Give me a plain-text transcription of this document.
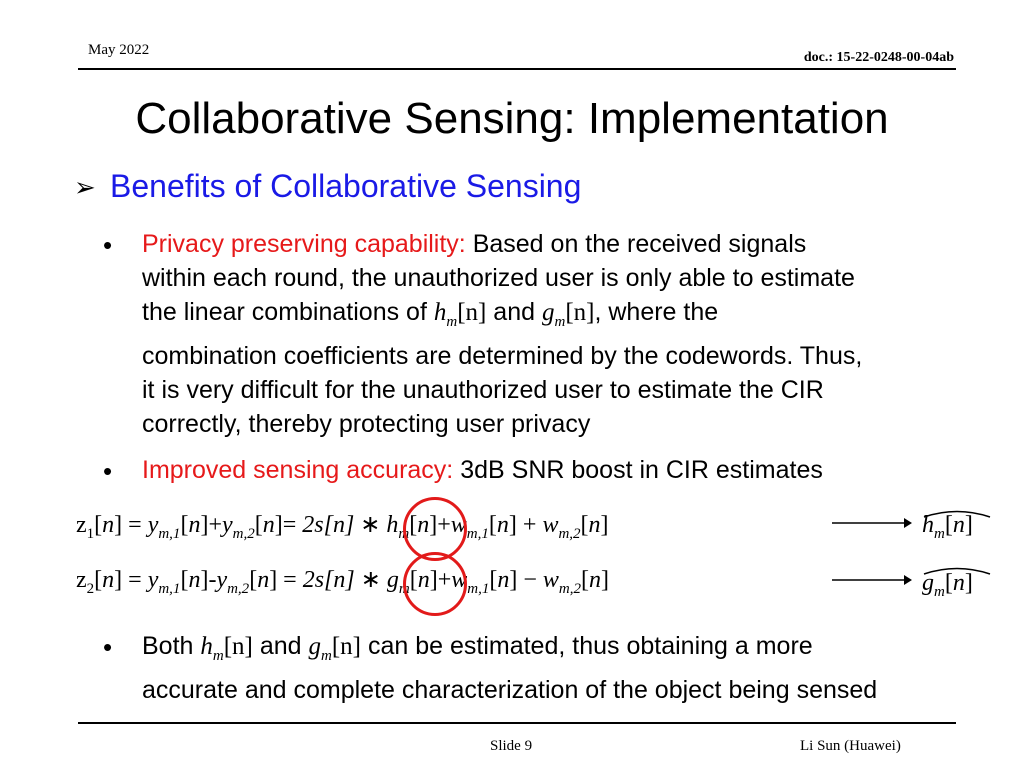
May 2022	doc.: 15-22-0248-00-04ab
Collaborative Sensing: Implementation
➢ Benefits of Collaborative Sensing
• Privacy preserving capability: Based on the received signals
within each round, the unauthorized user is only able to estimate
the linear combinations of $h_m[n]$ and $g_m[n]$, where the
combination coefficients are determined by the codewords. Thus,
it is very difficult for the unauthorized user to estimate the CIR
correctly, thereby protecting user privacy
• Improved sensing accuracy: 3dB SNR boost in CIR estimates
$z_1[n] = y_{m,1}[n]+y_{m,2}[n]= 2s[n]$ ∗ $h_m[n]+w_{m,1}[n] + w_{m,2}[n]$	$h_m[n]$
$z_2[n] = y_{m,1}[n]-y_{m,2}[n] = 2s[n]$ ∗ $g_m[n]+w_{m,1}[n] - w_{m,2}[n]$	$g_m[n]$
• Both $h_m[n]$ and $g_m[n]$ can be estimated, thus obtaining a more
accurate and complete characterization of the object being sensed
Slide 9	Li Sun (Huawei)
